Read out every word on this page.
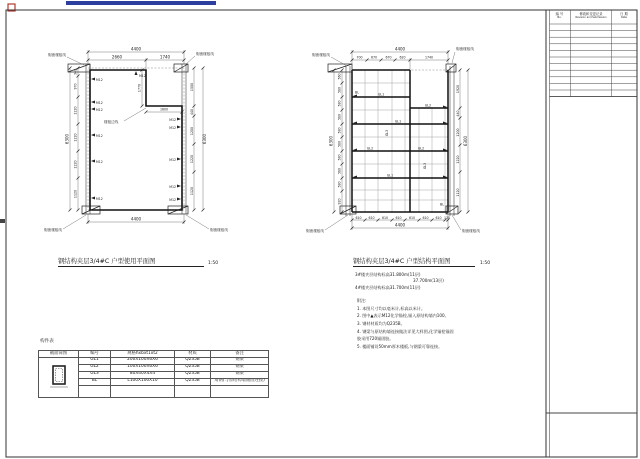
4400
2660	1740
4400
340
970
1220
1220
1220
1120
6300
1500
440
1200
1220
1120
6300
1770
1600
剔凿楼板线	剔凿楼板线
剔凿楼板线	剔凿楼板线
楼板边线
M12
M12
M12
M12
M12
M12
M12
M12
M12
M12
M12
M12
4400
700	670	670 620	1740
610 610 610 610 610 610 610 130
4400
560
580
580
580
580
580
580
580
580
920
6300
1920
440
1200
1220
1120
6300
GL1
GL1
GL1
GL2
GL2
GL2
GL3
GL3
BL
BL
剔凿楼板线
剔凿楼板线
剔凿楼板线	剔凿楼板线
钢结构夹层3/4#C 户型使用平面图	1:50	钢结构夹层3/4#C 户型结构平面图	1:50
3#楼夹层结构标高31.800m(11层)
37.700m(13层)
4#楼夹层结构标高31.700m(11层)
附注:
1. 本图尺寸均以毫米计,标高以米计。
2. 图中▲表示M12化学锚栓,锚入原结构墙内100。
3. 钢材材质均为Q235B。
4. 钢梁与原结构墙连接做法详见大样图,化学锚栓锚固
胶采用720锚固胶。
5. 楼面铺设50mm厚木楼板,与钢梁可靠连接。
构件表
截面简图	编号	规格hxbxt1xt2	材质	备注
	GL1	200X100X6X6	Q235B	钢梁
	GL2	100X100X6X6	Q235B	钢梁
	GL3	80X40X4X4	Q235B	钢梁
	BL	L100X100X10	Q235B	角钢(与原结构墙锚固连接)

编 号
No.
修改和变更记录
Revision and Submission
日 期
Date
